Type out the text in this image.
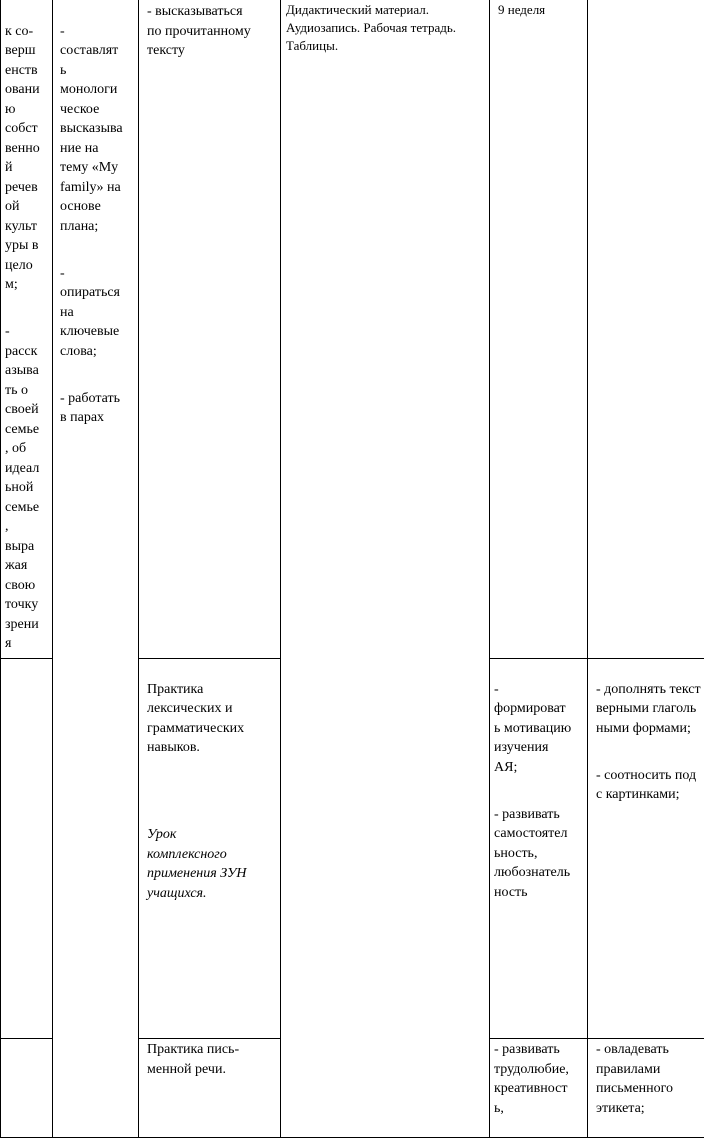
к со-
верш
енств
овани
ю
собст
венно
й
речев
ой
культ
уры в
цело
м;

-
расск
азыва
ть о
своей
семье
, об
идеал
ьной
семье
,
выра
жая
свою
точку
зрени
я

-
составлят
ь
монологи
ческое
высказыва
ние на
тему «My
family» на
основе
плана;

-
опираться
на
ключевые
слова;

- работать
в парах

- высказываться
по прочитанному
тексту
Дидактический материал.
Аудиозапись. Рабочая тетрадь.
Таблицы.
9 неделя

Практика
лексических и
грамматических
навыков.

Урок
комплексного
применения ЗУН
учащихся.

-
формироват
ь мотивацию
изучения
АЯ;

- развивать
самостоятел
ьность,
любознатель
ность

- дополнять текст
верными глаголь
ными формами;

- соотносить под
с картинками;

Практика пись-
менной речи.
- развивать
трудолюбие,
креативност
ь,
- овладевать
правилами
письменного
этикета;
